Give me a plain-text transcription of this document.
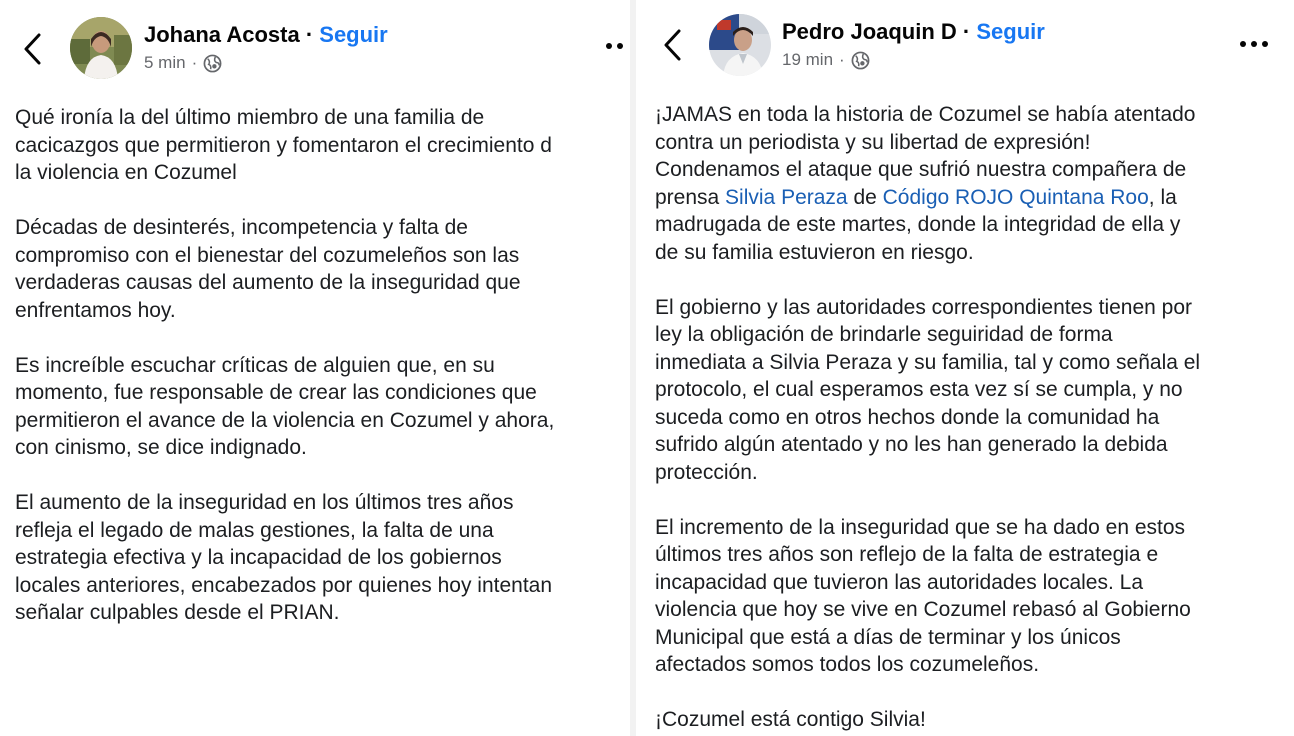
Johana Acosta · Seguir
5 min ·

Qué ironía la del último miembro de una familia de
cacicazgos que permitieron y fomentaron el crecimiento d
la violencia en Cozumel

Décadas de desinterés, incompetencia y falta de
compromiso con el bienestar del cozumeleños son las
verdaderas causas del aumento de la inseguridad que
enfrentamos hoy.

Es increíble escuchar críticas de alguien que, en su
momento, fue responsable de crear las condiciones que
permitieron el avance de la violencia en Cozumel y ahora,
con cinismo, se dice indignado.

El aumento de la inseguridad en los últimos tres años
refleja el legado de malas gestiones, la falta de una
estrategia efectiva y la incapacidad de los gobiernos
locales anteriores, encabezados por quienes hoy intentan
señalar culpables desde el PRIAN.

Pedro Joaquin D · Seguir
19 min ·

¡JAMAS en toda la historia de Cozumel se había atentado
contra un periodista y su libertad de expresión!
Condenamos el ataque que sufrió nuestra compañera de
prensa Silvia Peraza de Código ROJO Quintana Roo, la
madrugada de este martes, donde la integridad de ella y
de su familia estuvieron en riesgo.

El gobierno y las autoridades correspondientes tienen por
ley la obligación de brindarle seguiridad de forma
inmediata a Silvia Peraza y su familia, tal y como señala el
protocolo, el cual esperamos esta vez sí se cumpla, y no
suceda como en otros hechos donde la comunidad ha
sufrido algún atentado y no les han generado la debida
protección.

El incremento de la inseguridad que se ha dado en estos
últimos tres años son reflejo de la falta de estrategia e
incapacidad que tuvieron las autoridades locales. La
violencia que hoy se vive en Cozumel rebasó al Gobierno
Municipal que está a días de terminar y los únicos
afectados somos todos los cozumeleños.

¡Cozumel está contigo Silvia!
